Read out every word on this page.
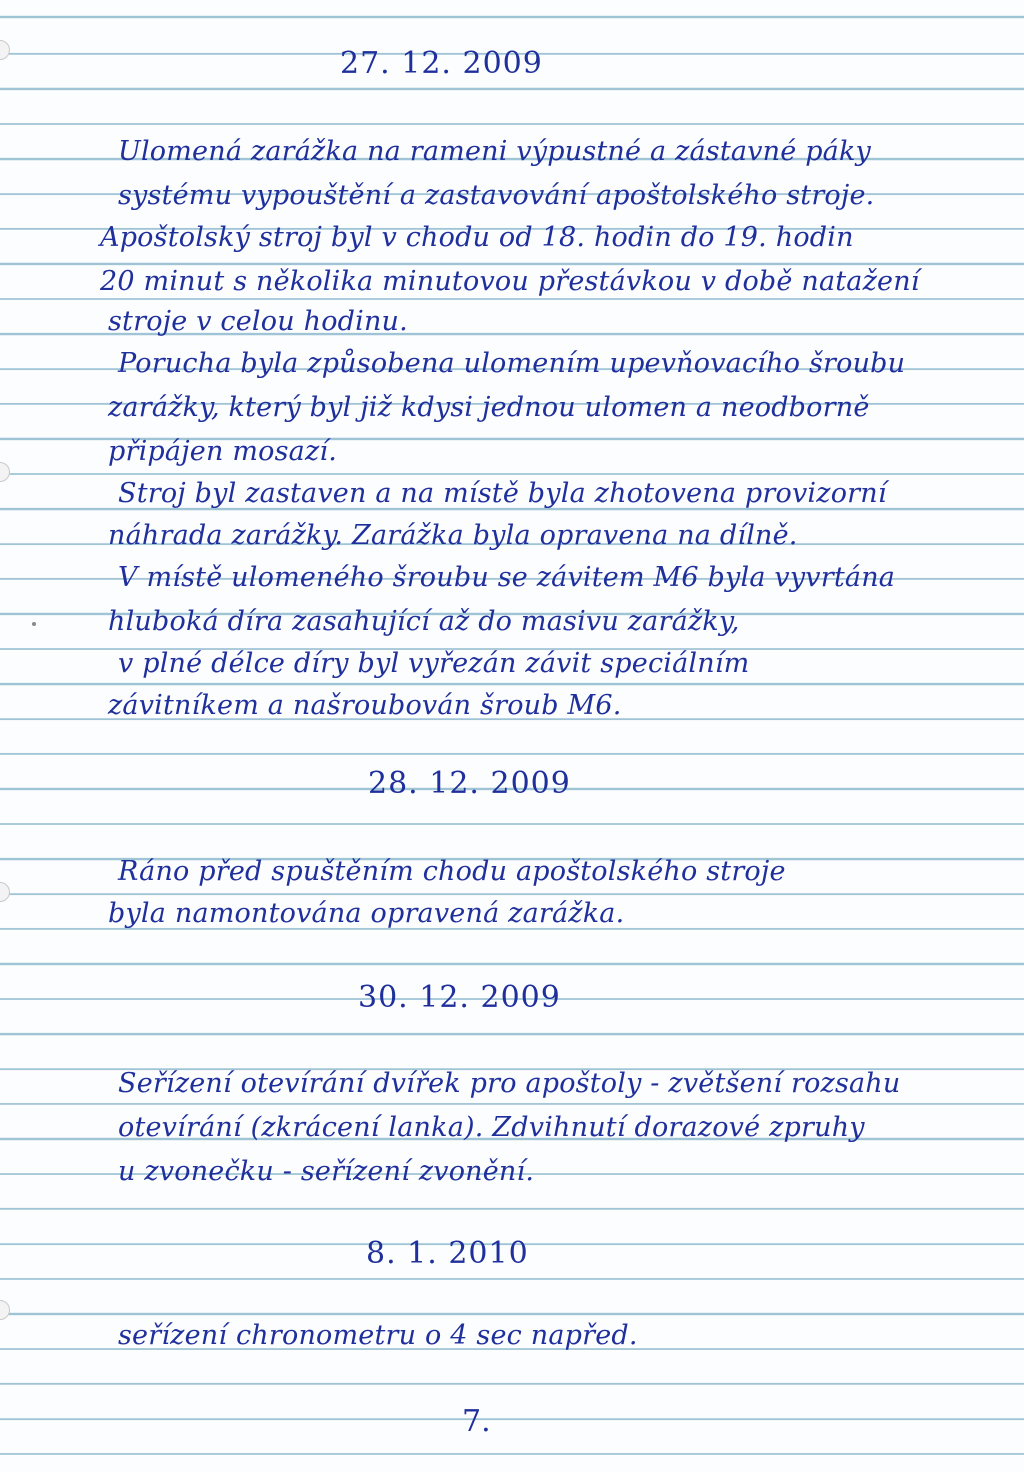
27. 12. 2009
Ulomená zarážka na rameni výpustné a zástavné páky
systému vypouštění a zastavování apoštolského stroje.
Apoštolský stroj byl v chodu od 18. hodin do 19. hodin
20 minut s několika minutovou přestávkou v době natažení
stroje v celou hodinu.
Porucha byla způsobena ulomením upevňovacího šroubu
zarážky, který byl již kdysi jednou ulomen a neodborně
připájen mosazí.
Stroj byl zastaven a na místě byla zhotovena provizorní
náhrada zarážky. Zarážka byla opravena na dílně.
V místě ulomeného šroubu se závitem M6 byla vyvrtána
hluboká díra zasahující až do masivu zarážky,
v plné délce díry byl vyřezán závit speciálním
závitníkem a našroubován šroub M6.
28. 12. 2009
Ráno před spuštěním chodu apoštolského stroje
byla namontována opravená zarážka.
30. 12. 2009
Seřízení otevírání dvířek pro apoštoly - zvětšení rozsahu
otevírání (zkrácení lanka). Zdvihnutí dorazové zpruhy
u zvonečku - seřízení zvonění.
8. 1. 2010
seřízení chronometru o 4 sec napřed.
7.
